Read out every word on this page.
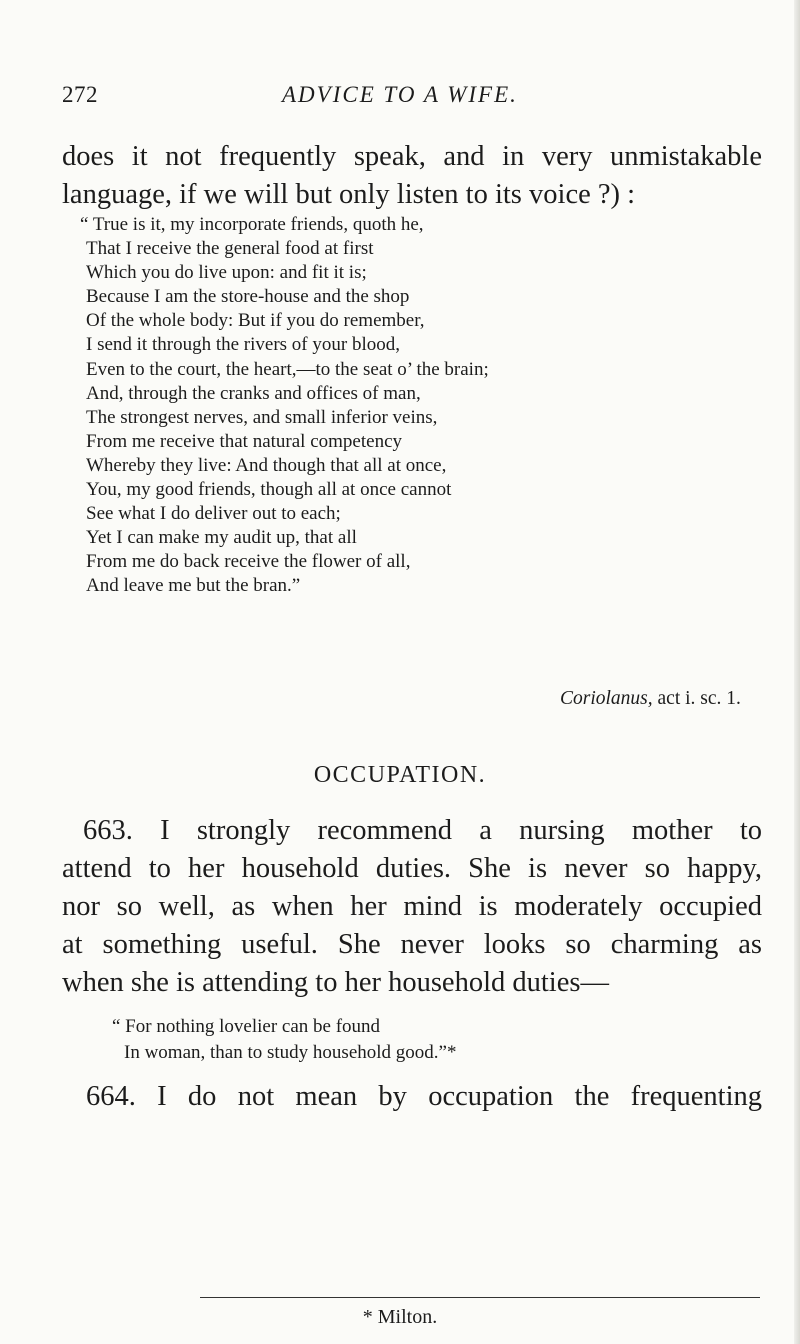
272	ADVICE TO A WIFE.
does it not frequently speak, and in very unmistakable
language, if we will but only listen to its voice ?) :
“ True is it, my incorporate friends, quoth he,
That I receive the general food at first
Which you do live upon: and fit it is;
Because I am the store-house and the shop
Of the whole body: But if you do remember,
I send it through the rivers of your blood,
Even to the court, the heart,—to the seat o’ the brain;
And, through the cranks and offices of man,
The strongest nerves, and small inferior veins,
From me receive that natural competency
Whereby they live: And though that all at once,
You, my good friends, though all at once cannot
See what I do deliver out to each;
Yet I can make my audit up, that all
From me do back receive the flower of all,
And leave me but the bran.”
Coriolanus, act i. sc. 1.
OCCUPATION.
663. I strongly recommend a nursing mother to
attend to her household duties. She is never so happy,
nor so well, as when her mind is moderately occupied
at something useful. She never looks so charming as
when she is attending to her household duties—
“ For nothing lovelier can be found
In woman, than to study household good.”*
664. I do not mean by occupation the frequenting
* Milton.
